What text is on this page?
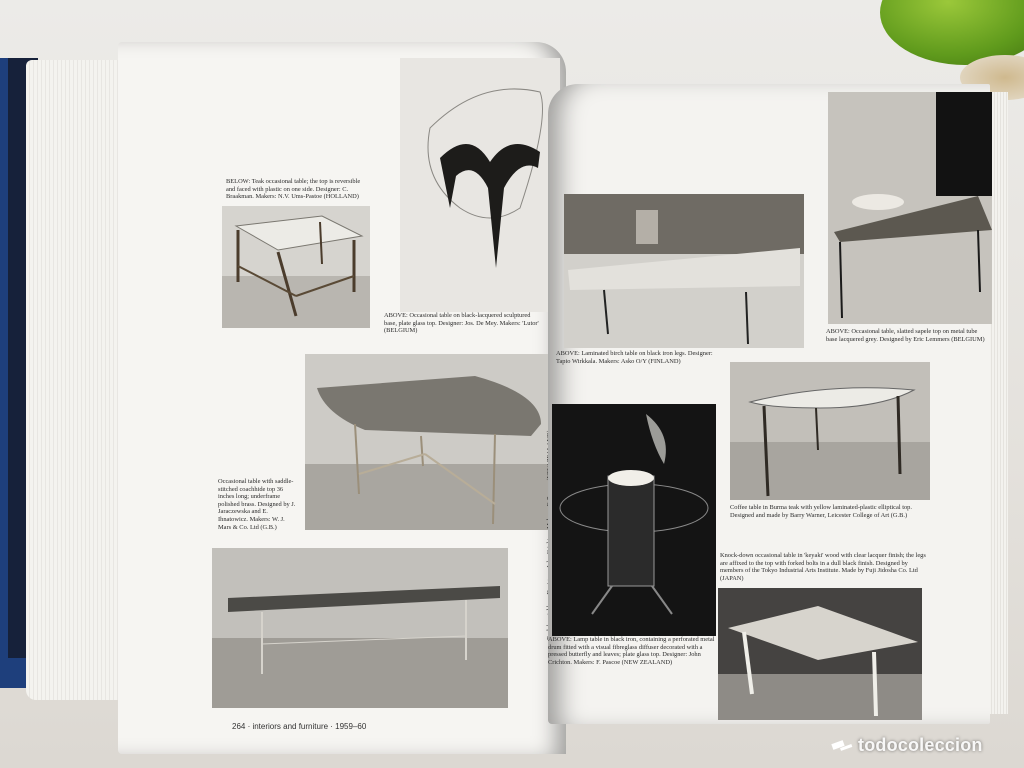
BELOW: Teak occasional table; the top is reversible and faced with plastic on one side. Designer: C. Braakman. Makers: N.V. Ums-Pastoe (HOLLAND)
ABOVE: Occasional table on black-lacquered sculptured base, plate glass top. Designer: Jos. De Mey. Makers: 'Lutor' (BELGIUM)
Occasional table with saddle-stitched coachhide top 36 inches long; underframe polished brass. Designed by J. Jaraczewska and E. Ihnatowicz. Makers: W. J. Mars & Co. Ltd (G.B.)
264 · interiors and furniture · 1959–60
ABOVE: Laminated birch table on black iron legs. Designer: Tapio Wirkkala. Makers: Asko O/Y (FINLAND)
ABOVE: Occasional table, slatted sapele top on metal tube base lacquered grey. Designed by Eric Lemmers (BELGIUM)
ABOVE: Lamp table in black iron, containing a perforated metal drum fitted with a visual fibreglass diffuser decorated with a pressed butterfly and leaves; plate glass top. Designer: John Crichton. Makers: F. Pascoe (NEW ZEALAND)
Coffee table in Burma teak with yellow laminated-plastic elliptical top. Designed and made by Barry Warner, Leicester College of Art (G.B.)
Knock-down occasional table in 'keyaki' wood with clear lacquer finish; the legs are affixed to the top with forked bolts in a dull black finish. Designed by members of the Tokyo Industrial Arts Institute. Made by Fuji Jidosha Co. Ltd (JAPAN)
todocoleccion
